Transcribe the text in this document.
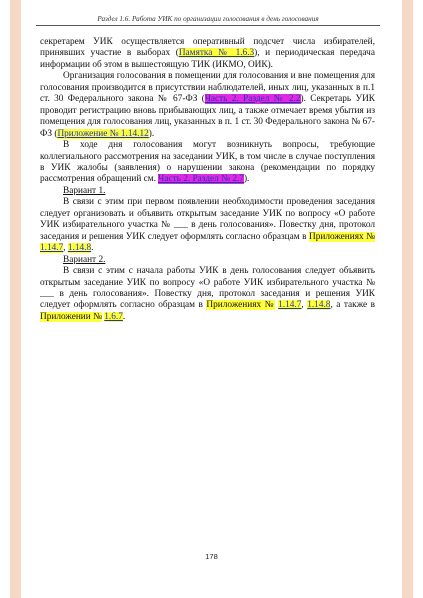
Раздел 1.6. Работа УИК по организации голосования в день голосования

секретарем УИК осуществляется оперативный подсчет числа избирателей, принявших участие в выборах (Памятка № 1.6.3), и периодическая передача информации об этом в вышестоящую ТИК (ИКМО, ОИК).

Организация голосования в помещении для голосования и вне помещения для голосования производится в присутствии наблюдателей, иных лиц, указанных в п.1 ст. 30 Федерального закона № 67-ФЗ (Часть 2. Раздел № 2.2). Секретарь УИК проводит регистрацию вновь прибывающих лиц, а также отмечает время убытия из помещения для голосования лиц, указанных в п. 1 ст. 30 Федерального закона № 67-ФЗ (Приложение № 1.14.12).

В ходе дня голосования могут возникнуть вопросы, требующие коллегиального рассмотрения на заседании УИК, в том числе в случае поступления в УИК жалобы (заявления) о нарушении закона (рекомендации по порядку рассмотрения обращений см. Часть 2. Раздел № 2.7).

Вариант 1.

В связи с этим при первом появлении необходимости проведения заседания следует организовать и объявить открытым заседание УИК по вопросу «О работе УИК избирательного участка № ___ в день голосования». Повестку дня, протокол заседания и решения УИК следует оформлять согласно образцам в Приложениях № 1.14.7, 1.14.8.

Вариант 2.

В связи с этим с начала работы УИК в день голосования следует объявить открытым заседание УИК по вопросу «О работе УИК избирательного участка № ___ в день голосования». Повестку дня, протокол заседания и решения УИК следует оформлять согласно образцам в Приложениях № 1.14.7, 1.14.8, а также в Приложении № 1.6.7.

178
